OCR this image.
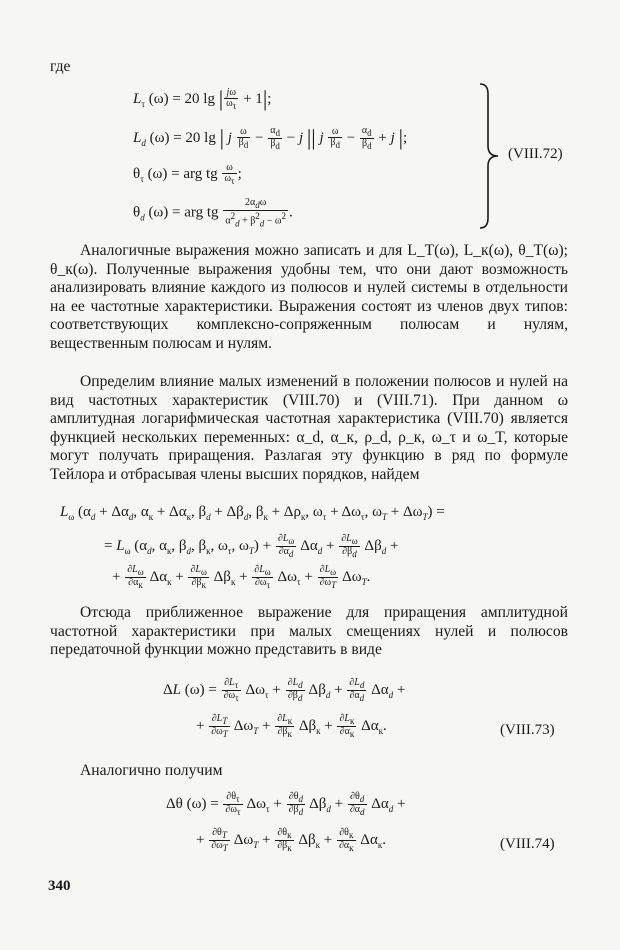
где
$L_\tau$ (ω) = 20 lg | $\frac{j\omega}{\omega_\tau} + 1|$;
$L_d$ (ω) = 20 lg | j $\frac{\omega}{\beta_d} - \frac{\alpha_d}{\beta_d} - j$ || j $\frac{\omega}{\beta_d} - \frac{\alpha_d}{\beta_d} + j$ |;
$\theta_\tau$ (ω) = arg tg $\frac{\omega}{\omega_\tau}$ ;
$\theta_d$ (ω) = arg tg $\frac{2\alpha_d\omega}{\alpha^2_d + \beta^2_d - \omega^2}$ .
(VIII.72)
Аналогичные выражения можно записать и для L_T(ω), L_к(ω), θ_T(ω); θ_к(ω). Полученные выражения удобны тем, что они дают возможность анализировать влияние каждого из полюсов и нулей системы в отдельности на ее частотные характеристики. Выражения состоят из членов двух типов: соответствующих комплексно-сопряженным полюсам и нулям, вещественным полюсам и нулям.
Определим влияние малых изменений в положении полюсов и нулей на вид частотных характеристик (VIII.70) и (VIII.71). При данном ω амплитудная логарифмическая частотная характеристика (VIII.70) является функцией нескольких переменных: α_d, α_к, ρ_d, ρ_к, ω_τ и ω_T, которые могут получать приращения. Разлагая эту функцию в ряд по формуле Тейлора и отбрасывая члены высших порядков, найдем
$L_\omega$ ($\alpha_d + \Delta\alpha_d$, $\alpha_к + \Delta\alpha_к$, $\beta_d + \Delta\beta_d$, $\beta_к + \Delta\rho_к$, $\omega_\tau + \Delta\omega_\tau$, $\omega_T + \Delta\omega_T$) =
= $L_\omega$ ($\alpha_d$, $\alpha_к$, $\beta_d$, $\beta_к$, $\omega_\tau$, $\omega_T) + \frac{\partial L_\omega}{\partial\alpha_d} \Delta\alpha_d + \frac{\partial L_\omega}{\partial\beta_d} \Delta\beta_d$ +
+ $\frac{\partial L_\omega}{\partial\alpha_к} \Delta\alpha_к + \frac{\partial L_\omega}{\partial\beta_к} \Delta\beta_к + \frac{\partial L_\omega}{\partial\omega_\tau} \Delta\omega_\tau + \frac{\partial L_\omega}{\partial\omega_T} \Delta\omega_T$.
Отсюда приближенное выражение для приращения амплитудной частотной характеристики при малых смещениях нулей и полюсов передаточной функции можно представить в виде
ΔL $(\omega) = \frac{\partial L_\tau}{\partial\omega_\tau} \Delta\omega_\tau + \frac{\partial L_d}{\partial\beta_d} \Delta\beta_d + \frac{\partial L_d}{\partial\alpha_d} \Delta\alpha_d$ +
+ $\frac{\partial L_T}{\partial\omega_T} \Delta\omega_T + \frac{\partial L_к}{\partial\beta_к} \Delta\beta_к + \frac{\partial L_к}{\partial\alpha_к} \Delta\alpha_к$.	(VIII.73)
Аналогично получим
Δθ $(\omega) = \frac{\partial\theta_\tau}{\partial\omega_\tau} \Delta\omega_\tau + \frac{\partial\theta_d}{\partial\beta_d} \Delta\beta_d + \frac{\partial\theta_d}{\partial\alpha_d} \Delta\alpha_d$ +
+ $\frac{\partial\theta_T}{\partial\omega_T} \Delta\omega_T + \frac{\partial\theta_к}{\partial\beta_к} \Delta\beta_к + \frac{\partial\theta_к}{\partial\alpha_к} \Delta\alpha_к$.	(VIII.74)
340
